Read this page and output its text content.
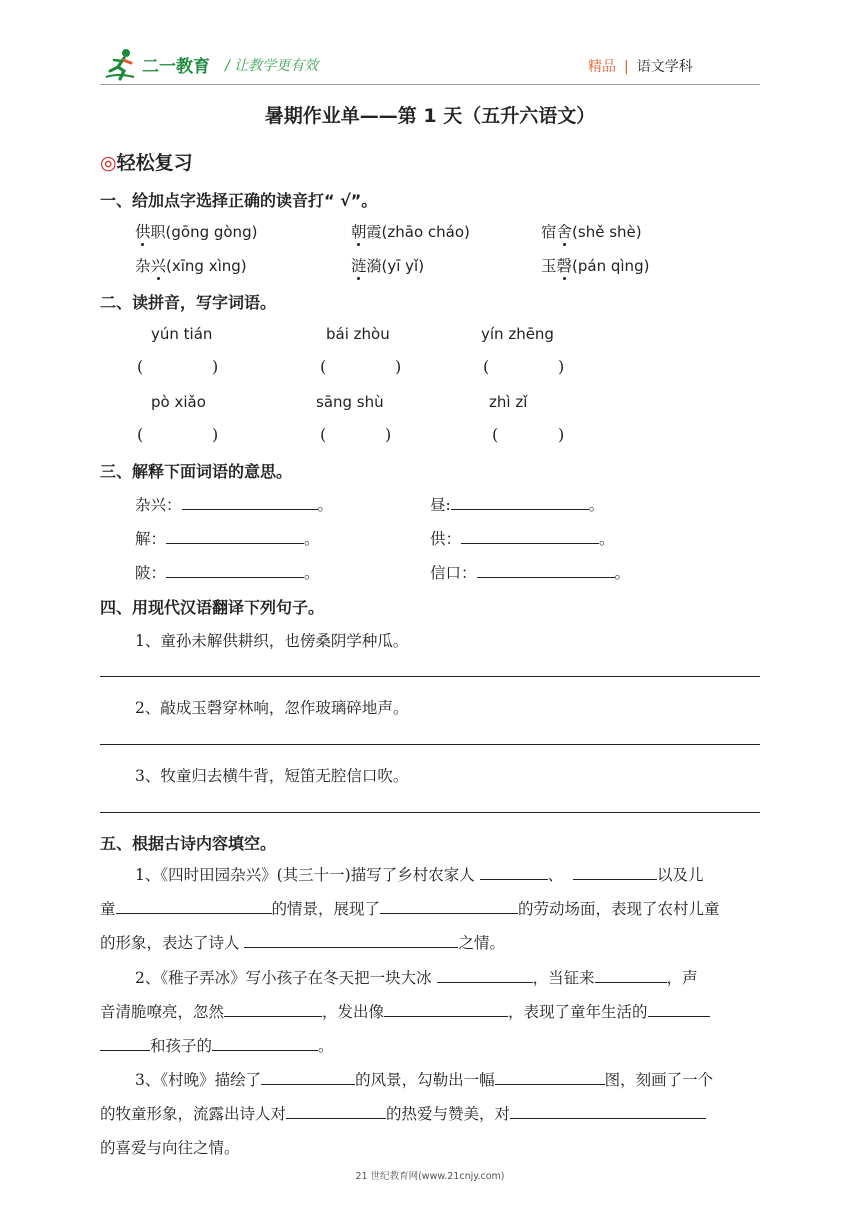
二一教育 / 让教学更有效	精品 | 语文学科
暑期作业单——第 1 天（五升六语文）
◎轻松复习
一、给加点字选择正确的读音打“ √”。
供职(gōng gòng)	朝霞(zhāo cháo)	宿舍(shě shè)
杂兴(xīng xìng)	涟漪(yī yǐ)	玉磬(pán qìng)
二、读拼音，写字词语。
yún tián	bái zhòu	yín zhēng
(	)	(	)	(	)
pò xiǎo	sāng shù	zhì zǐ
(	)	(	)	(	)
三、解释下面词语的意思。
杂兴：	。	昼:	。
解：	。	供：	。
陂：	。	信口：	。
四、用现代汉语翻译下列句子。
1、童孙未解供耕织，也傍桑阴学种瓜。
2、敲成玉磬穿林响，忽作玻璃碎地声。
3、牧童归去横牛背，短笛无腔信口吹。
五、根据古诗内容填空。
1、《四时田园杂兴》(其三十一)描写了乡村农家人	、	以及儿
童	的情景，展现了	的劳动场面，表现了农村儿童
的形象，表达了诗人	之情。
2、《稚子弄冰》写小孩子在冬天把一块大冰	，当钲来	，声
音清脆嘹亮，忽然	，发出像	，表现了童年生活的
和孩子的	。
3、《村晚》描绘了	的风景，勾勒出一幅	图，刻画了一个
的牧童形象，流露出诗人对	的热爱与赞美，对
的喜爱与向往之情。
21 世纪教育网(www.21cnjy.com)
